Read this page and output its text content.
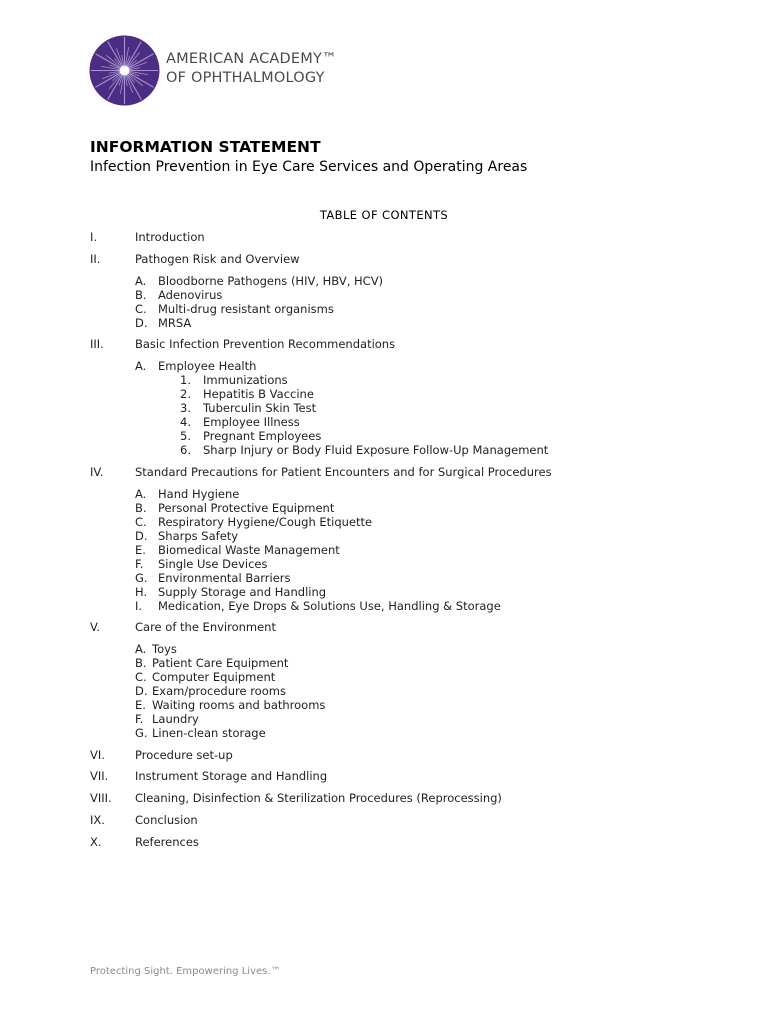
AMERICAN ACADEMY™
OF OPHTHALMOLOGY
INFORMATION STATEMENT
Infection Prevention in Eye Care Services and Operating Areas
TABLE OF CONTENTS
I.	Introduction
II.	Pathogen Risk and Overview
A.	Bloodborne Pathogens (HIV, HBV, HCV)
B. Adenovirus
C. Multi-drug resistant organisms
D. MRSA
III.	Basic Infection Prevention Recommendations
A.	Employee Health
1. Immunizations
2. Hepatitis B Vaccine
3. Tuberculin Skin Test
4. Employee Illness
5. Pregnant Employees
6. Sharp Injury or Body Fluid Exposure Follow-Up Management
IV.	Standard Precautions for Patient Encounters and for Surgical Procedures
A.	Hand Hygiene
B. Personal Protective Equipment
C. Respiratory Hygiene/Cough Etiquette
D. Sharps Safety
E.	Biomedical Waste Management
F.	Single Use Devices
G. Environmental Barriers
H. Supply Storage and Handling
I.	Medication, Eye Drops & Solutions Use, Handling & Storage
V.	Care of the Environment
A. Toys
B. Patient Care Equipment
C. Computer Equipment
D. Exam/procedure rooms
E. Waiting rooms and bathrooms
F. Laundry
G. Linen-clean storage
VI.	Procedure set-up
VII. Instrument Storage and Handling
VIII. Cleaning, Disinfection & Sterilization Procedures (Reprocessing)
IX.	Conclusion
X.	References
Protecting Sight. Empowering Lives.™
